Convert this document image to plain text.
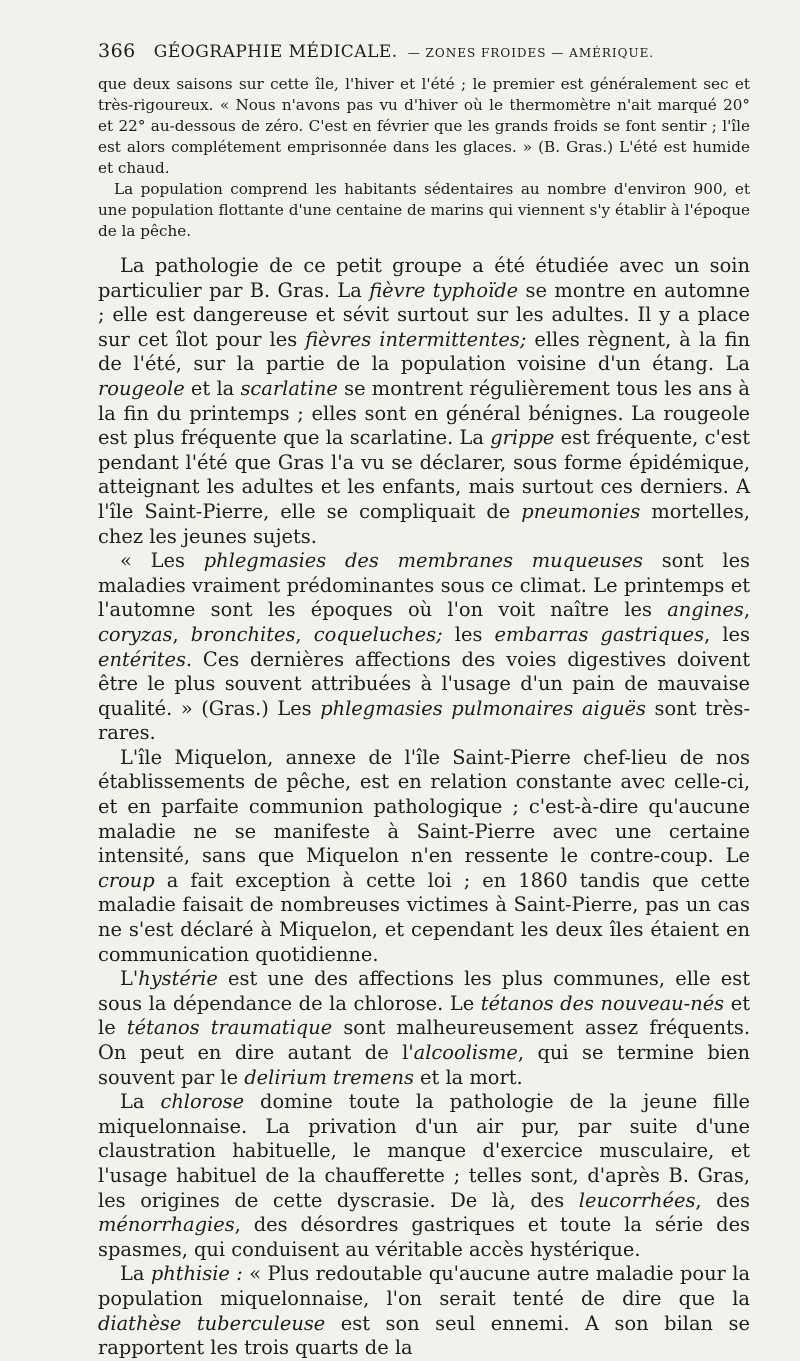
366 GÉOGRAPHIE MÉDICALE. — ZONES FROIDES — AMÉRIQUE.

que deux saisons sur cette île, l'hiver et l'été ; le premier est généralement sec et très-rigoureux. « Nous n'avons pas vu d'hiver où le thermomètre n'ait marqué 20° et 22° au-dessous de zéro. C'est en février que les grands froids se font sentir ; l'île est alors complétement emprisonnée dans les glaces. » (B. Gras.) L'été est humide et chaud.

La population comprend les habitants sédentaires au nombre d'environ 900, et une population flottante d'une centaine de marins qui viennent s'y établir à l'époque de la pêche.

La pathologie de ce petit groupe a été étudiée avec un soin particulier par B. Gras. La fièvre typhoïde se montre en automne ; elle est dangereuse et sévit surtout sur les adultes. Il y a place sur cet îlot pour les fièvres intermittentes; elles règnent, à la fin de l'été, sur la partie de la population voisine d'un étang. La rougeole et la scarlatine se montrent régulièrement tous les ans à la fin du printemps ; elles sont en général bénignes. La rougeole est plus fréquente que la scarlatine. La grippe est fréquente, c'est pendant l'été que Gras l'a vu se déclarer, sous forme épidémique, atteignant les adultes et les enfants, mais surtout ces derniers. A l'île Saint-Pierre, elle se compliquait de pneumonies mortelles, chez les jeunes sujets.

« Les phlegmasies des membranes muqueuses sont les maladies vraiment prédominantes sous ce climat. Le printemps et l'automne sont les époques où l'on voit naître les angines, coryzas, bronchites, coqueluches; les embarras gastriques, les entérites. Ces dernières affections des voies digestives doivent être le plus souvent attribuées à l'usage d'un pain de mauvaise qualité. » (Gras.) Les phlegmasies pulmonaires aiguës sont très-rares.

L'île Miquelon, annexe de l'île Saint-Pierre chef-lieu de nos établissements de pêche, est en relation constante avec celle-ci, et en parfaite communion pathologique ; c'est-à-dire qu'aucune maladie ne se manifeste à Saint-Pierre avec une certaine intensité, sans que Miquelon n'en ressente le contre-coup. Le croup a fait exception à cette loi ; en 1860 tandis que cette maladie faisait de nombreuses victimes à Saint-Pierre, pas un cas ne s'est déclaré à Miquelon, et cependant les deux îles étaient en communication quotidienne.

L'hystérie est une des affections les plus communes, elle est sous la dépendance de la chlorose. Le tétanos des nouveau-nés et le tétanos traumatique sont malheureusement assez fréquents. On peut en dire autant de l'alcoolisme, qui se termine bien souvent par le delirium tremens et la mort.

La chlorose domine toute la pathologie de la jeune fille miquelonnaise. La privation d'un air pur, par suite d'une claustration habituelle, le manque d'exercice musculaire, et l'usage habituel de la chaufferette ; telles sont, d'après B. Gras, les origines de cette dyscrasie. De là, des leucorrhées, des ménorrhagies, des désordres gastriques et toute la série des spasmes, qui conduisent au véritable accès hystérique.

La phthisie : « Plus redoutable qu'aucune autre maladie pour la population miquelonnaise, l'on serait tenté de dire que la diathèse tuberculeuse est son seul ennemi. A son bilan se rapportent les trois quarts de la
